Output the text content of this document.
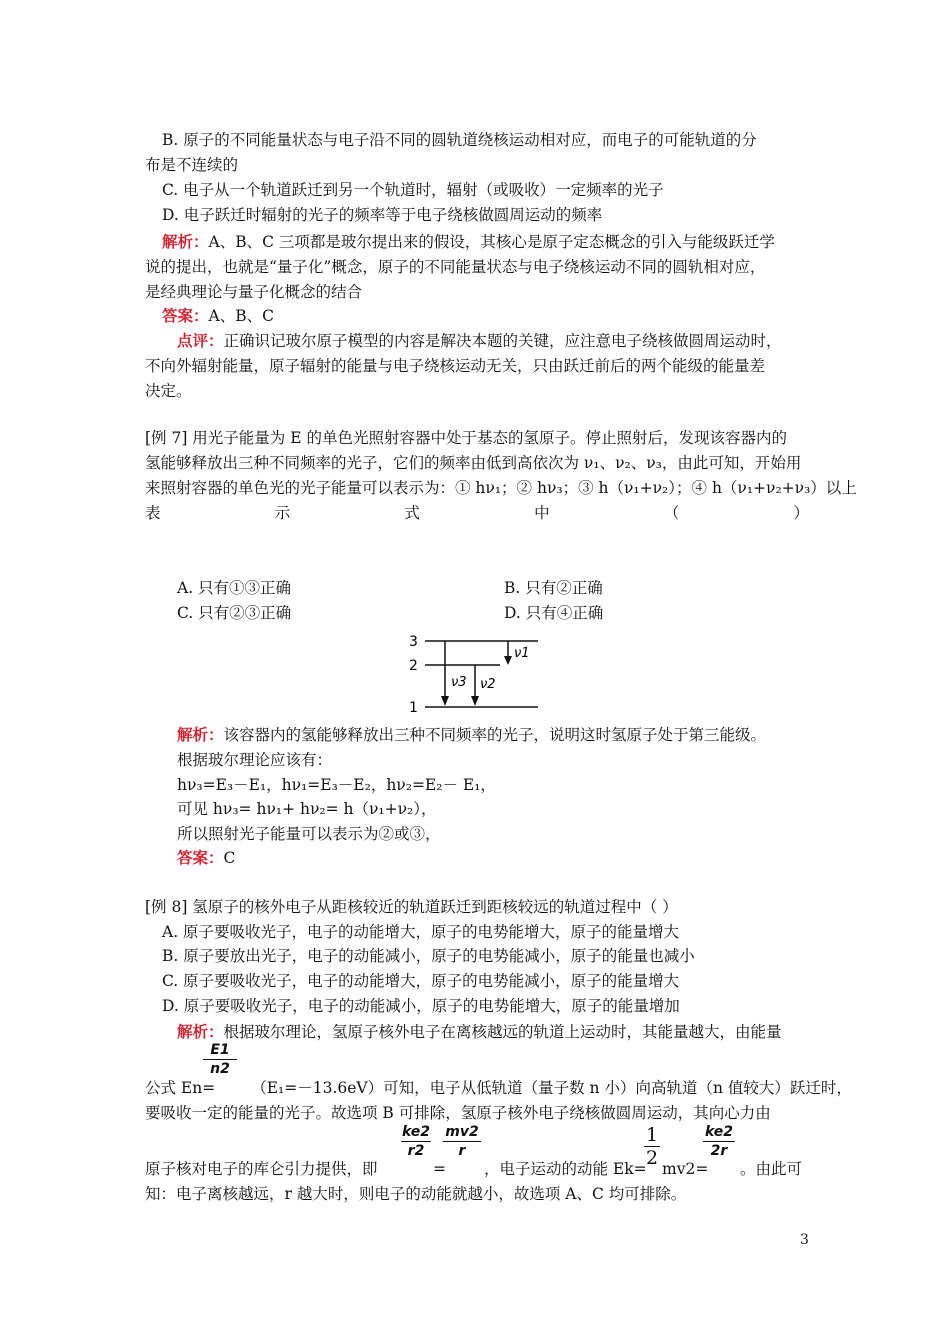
B. 原子的不同能量状态与电子沿不同的圆轨道绕核运动相对应，而电子的可能轨道的分
布是不连续的
C. 电子从一个轨道跃迁到另一个轨道时，辐射（或吸收）一定频率的光子
D. 电子跃迁时辐射的光子的频率等于电子绕核做圆周运动的频率
解析：A、B、C 三项都是玻尔提出来的假设，其核心是原子定态概念的引入与能级跃迁学
说的提出，也就是“量子化”概念，原子的不同能量状态与电子绕核运动不同的圆轨相对应，
是经典理论与量子化概念的结合
答案：A、B、C
点评：正确识记玻尔原子模型的内容是解决本题的关键，应注意电子绕核做圆周运动时，
不向外辐射能量，原子辐射的能量与电子绕核运动无关，只由跃迁前后的两个能级的能量差
决定。
[例 7] 用光子能量为 E 的单色光照射容器中处于基态的氢原子。停止照射后，发现该容器内的
氢能够释放出三种不同频率的光子，它们的频率由低到高依次为 ν₁、ν₂、ν₃，由此可知，开始用
来照射容器的单色光的光子能量可以表示为：① hν₁；② hν₃；③ h（ν₁+ν₂）；④ h（ν₁+ν₂+ν₃）以上
表	示	式	中	（	）
A. 只有①③正确	B. 只有②正确
C. 只有②③正确	D. 只有④正确
3
2
1
ν1
ν3 ν2
解析：该容器内的氢能够释放出三种不同频率的光子，说明这时氢原子处于第三能级。
根据玻尔理论应该有：
hν₃=E₃－E₁，hν₁=E₃－E₂，hν₂=E₂－ E₁，
可见 hν₃= hν₁+ hν₂= h（ν₁+ν₂），
所以照射光子能量可以表示为②或③，
答案：C
[例 8] 氢原子的核外电子从距核较近的轨道跃迁到距核较远的轨道过程中（ ）
A. 原子要吸收光子，电子的动能增大，原子的电势能增大，原子的能量增大
B. 原子要放出光子，电子的动能减小，原子的电势能减小，原子的能量也减小
C. 原子要吸收光子，电子的动能增大，原子的电势能减小，原子的能量增大
D. 原子要吸收光子，电子的动能减小，原子的电势能增大，原子的能量增加
解析：根据玻尔理论，氢原子核外电子在离核越远的轨道上运动时，其能量越大，由能量
E1
n2
公式 En= （E₁=－13.6eV）可知，电子从低轨道（量子数 n 小）向高轨道（n 值较大）跃迁时，
要吸收一定的能量的光子。故选项 B 可排除，氢原子核外电子绕核做圆周运动，其向心力由
ke2
r2
mv2
r
1
2
ke2
2r
原子核对电子的库仑引力提供，即	= ，电子运动的动能 Ek= mv2= 。由此可
知：电子离核越远，r 越大时，则电子的动能就越小，故选项 A、C 均可排除。
3
